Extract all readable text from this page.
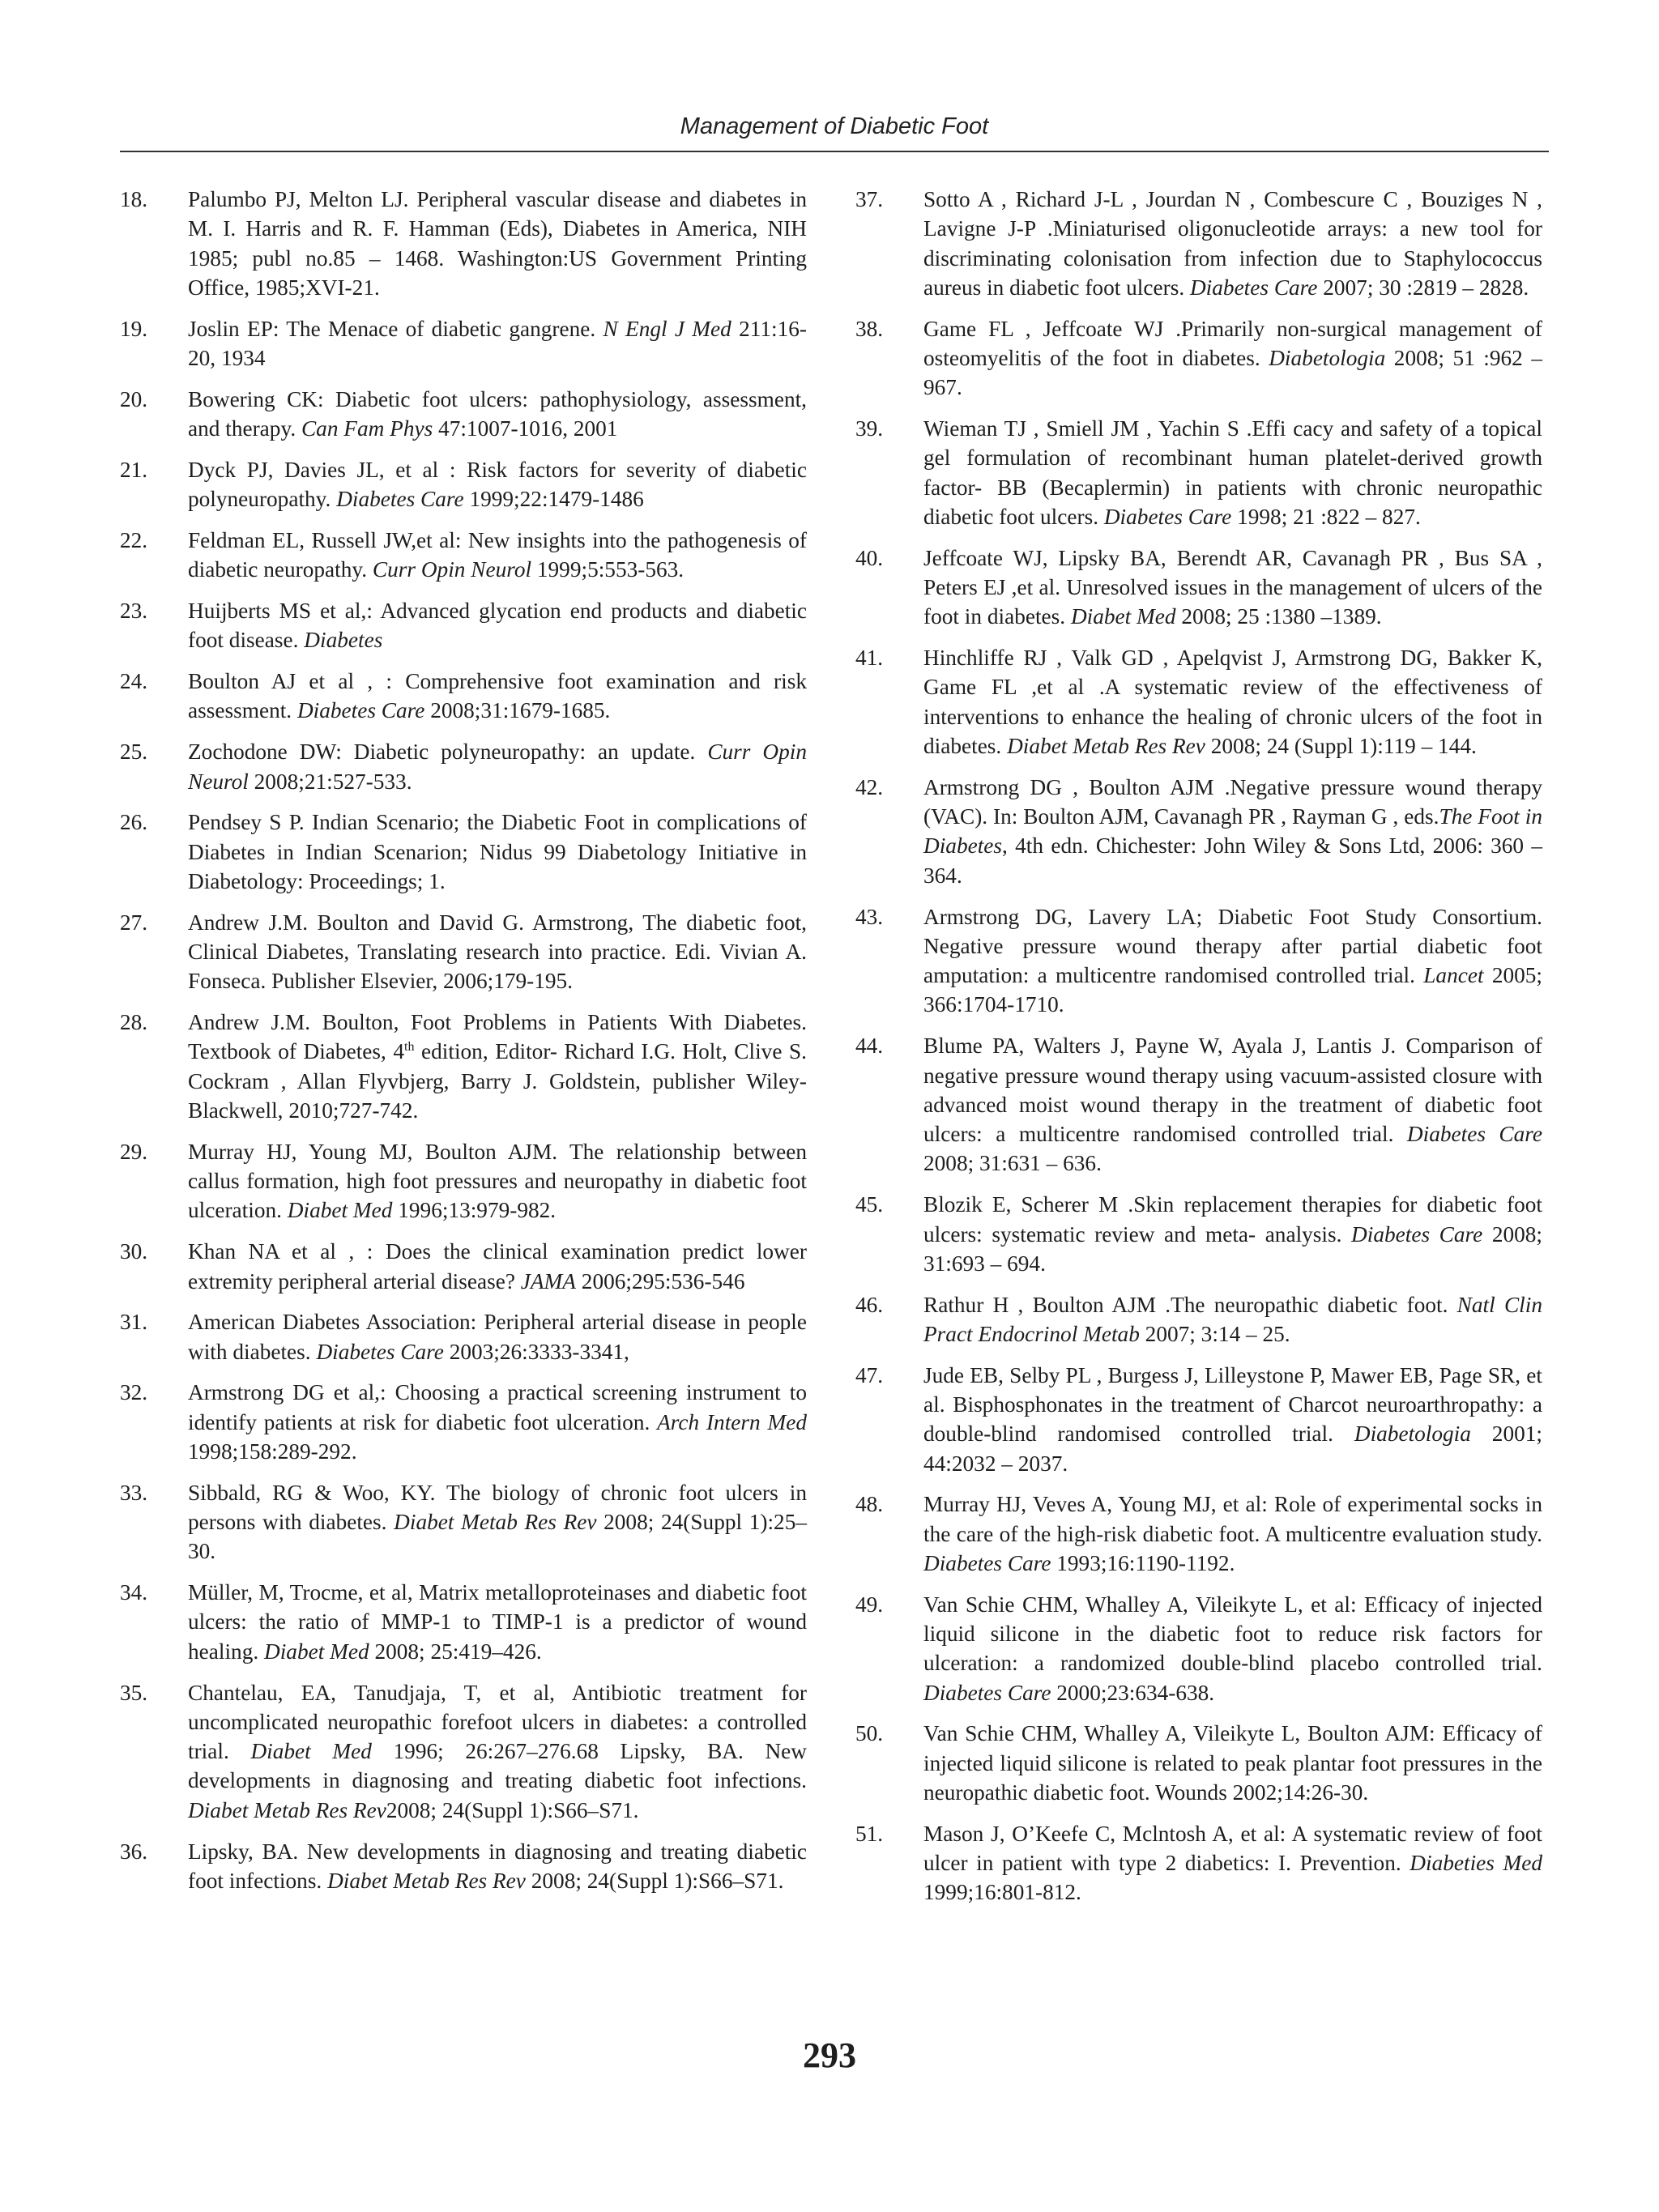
Management of Diabetic Foot
18. Palumbo PJ, Melton LJ. Peripheral vascular disease and diabetes in M. I. Harris and R. F. Hamman (Eds), Diabetes in America, NIH 1985; publ no.85 – 1468. Washington:US Government Printing Office, 1985;XVI-21.
19. Joslin EP: The Menace of diabetic gangrene. N Engl J Med 211:16-20, 1934
20. Bowering CK: Diabetic foot ulcers: pathophysiology, assessment, and therapy. Can Fam Phys 47:1007-1016, 2001
21. Dyck PJ, Davies JL, et al : Risk factors for severity of diabetic polyneuropathy. Diabetes Care 1999;22:1479-1486
22. Feldman EL, Russell JW,et al: New insights into the pathogenesis of diabetic neuropathy. Curr Opin Neurol 1999;5:553-563.
23. Huijberts MS et al,: Advanced glycation end products and diabetic foot disease. Diabetes
24. Boulton AJ et al , : Comprehensive foot examination and risk assessment. Diabetes Care 2008;31:1679-1685.
25. Zochodone DW: Diabetic polyneuropathy: an update. Curr Opin Neurol 2008;21:527-533.
26. Pendsey S P. Indian Scenario; the Diabetic Foot in complications of Diabetes in Indian Scenarion; Nidus 99 Diabetology Initiative in Diabetology: Proceedings; 1.
27. Andrew J.M. Boulton and David G. Armstrong, The diabetic foot, Clinical Diabetes, Translating research into practice. Edi. Vivian A. Fonseca. Publisher Elsevier, 2006;179-195.
28. Andrew J.M. Boulton, Foot Problems in Patients With Diabetes. Textbook of Diabetes, 4th edition, Editor- Richard I.G. Holt, Clive S. Cockram , Allan Flyvbjerg, Barry J. Goldstein, publisher Wiley-Blackwell, 2010;727-742.
29. Murray HJ, Young MJ, Boulton AJM. The relationship between callus formation, high foot pressures and neuropathy in diabetic foot ulceration. Diabet Med 1996;13:979-982.
30. Khan NA et al , : Does the clinical examination predict lower extremity peripheral arterial disease? JAMA 2006;295:536-546
31. American Diabetes Association: Peripheral arterial disease in people with diabetes. Diabetes Care 2003;26:3333-3341,
32. Armstrong DG et al,: Choosing a practical screening instrument to identify patients at risk for diabetic foot ulceration. Arch Intern Med 1998;158:289-292.
33. Sibbald, RG & Woo, KY. The biology of chronic foot ulcers in persons with diabetes. Diabet Metab Res Rev 2008; 24(Suppl 1):25–30.
34. Müller, M, Trocme, et al, Matrix metalloproteinases and diabetic foot ulcers: the ratio of MMP-1 to TIMP-1 is a predictor of wound healing. Diabet Med 2008; 25:419–426.
35. Chantelau, EA, Tanudjaja, T, et al, Antibiotic treatment for uncomplicated neuropathic forefoot ulcers in diabetes: a controlled trial. Diabet Med 1996; 26:267–276.68 Lipsky, BA. New developments in diagnosing and treating diabetic foot infections. Diabet Metab Res Rev2008; 24(Suppl 1):S66–S71.
36. Lipsky, BA. New developments in diagnosing and treating diabetic foot infections. Diabet Metab Res Rev 2008; 24(Suppl 1):S66–S71.
37. Sotto A , Richard J-L , Jourdan N , Combescure C , Bouziges N , Lavigne J-P .Miniaturised oligonucleotide arrays: a new tool for discriminating colonisation from infection due to Staphylococcus aureus in diabetic foot ulcers. Diabetes Care 2007; 30 :2819 – 2828.
38. Game FL , Jeffcoate WJ .Primarily non-surgical management of osteomyelitis of the foot in diabetes. Diabetologia 2008; 51 :962 – 967.
39. Wieman TJ , Smiell JM , Yachin S .Effi cacy and safety of a topical gel formulation of recombinant human platelet-derived growth factor- BB (Becaplermin) in patients with chronic neuropathic diabetic foot ulcers. Diabetes Care 1998; 21 :822 – 827.
40. Jeffcoate WJ, Lipsky BA, Berendt AR, Cavanagh PR , Bus SA , Peters EJ ,et al. Unresolved issues in the management of ulcers of the foot in diabetes. Diabet Med 2008; 25 :1380 –1389.
41. Hinchliffe RJ , Valk GD , Apelqvist J, Armstrong DG, Bakker K, Game FL ,et al .A systematic review of the effectiveness of interventions to enhance the healing of chronic ulcers of the foot in diabetes. Diabet Metab Res Rev 2008; 24 (Suppl 1):119 – 144.
42. Armstrong DG , Boulton AJM .Negative pressure wound therapy (VAC). In: Boulton AJM, Cavanagh PR , Rayman G , eds.The Foot in Diabetes, 4th edn. Chichester: John Wiley & Sons Ltd, 2006: 360 – 364.
43. Armstrong DG, Lavery LA; Diabetic Foot Study Consortium. Negative pressure wound therapy after partial diabetic foot amputation: a multicentre randomised controlled trial. Lancet 2005; 366:1704-1710.
44. Blume PA, Walters J, Payne W, Ayala J, Lantis J. Comparison of negative pressure wound therapy using vacuum-assisted closure with advanced moist wound therapy in the treatment of diabetic foot ulcers: a multicentre randomised controlled trial. Diabetes Care 2008; 31:631 – 636.
45. Blozik E, Scherer M .Skin replacement therapies for diabetic foot ulcers: systematic review and meta- analysis. Diabetes Care 2008; 31:693 – 694.
46. Rathur H , Boulton AJM .The neuropathic diabetic foot. Natl Clin Pract Endocrinol Metab 2007; 3:14 – 25.
47. Jude EB, Selby PL , Burgess J, Lilleystone P, Mawer EB, Page SR, et al. Bisphosphonates in the treatment of Charcot neuroarthropathy: a double-blind randomised controlled trial. Diabetologia 2001; 44:2032 – 2037.
48. Murray HJ, Veves A, Young MJ, et al: Role of experimental socks in the care of the high-risk diabetic foot. A multicentre evaluation study. Diabetes Care 1993;16:1190-1192.
49. Van Schie CHM, Whalley A, Vileikyte L, et al: Efficacy of injected liquid silicone in the diabetic foot to reduce risk factors for ulceration: a randomized double-blind placebo controlled trial. Diabetes Care 2000;23:634-638.
50. Van Schie CHM, Whalley A, Vileikyte L, Boulton AJM: Efficacy of injected liquid silicone is related to peak plantar foot pressures in the neuropathic diabetic foot. Wounds 2002;14:26-30.
51. Mason J, O’Keefe C, Mclntosh A, et al: A systematic review of foot ulcer in patient with type 2 diabetics: I. Prevention. Diabeties Med 1999;16:801-812.
293
